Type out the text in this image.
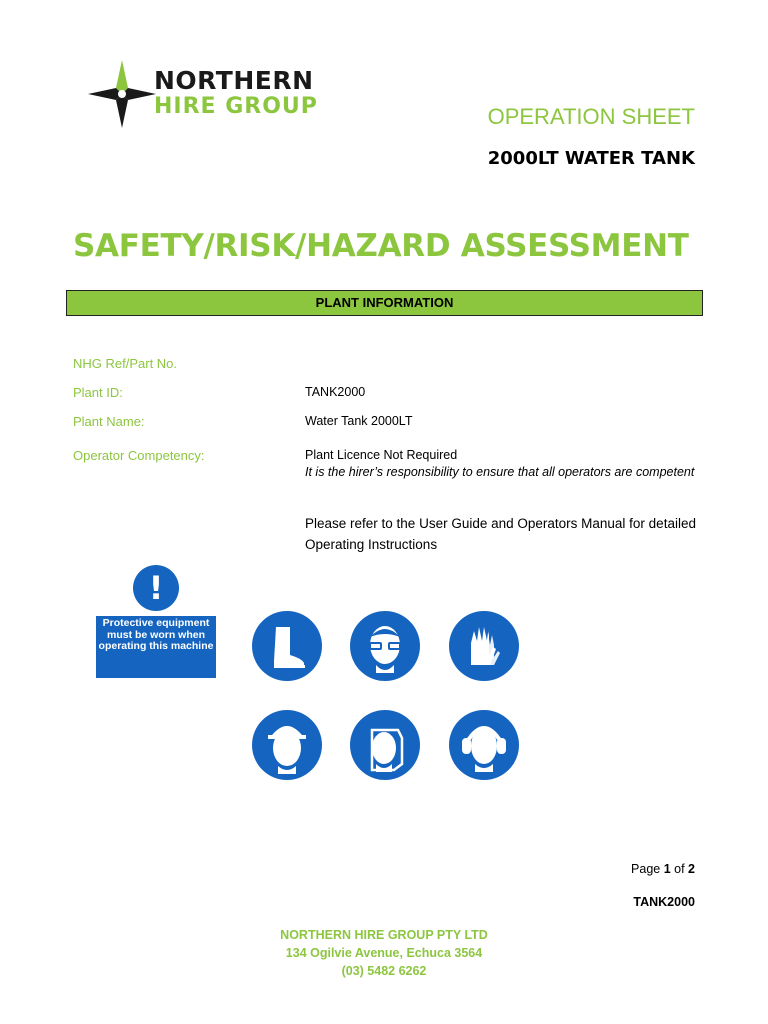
NORTHERN
HIRE GROUP	OPERATION SHEET
2000LT WATER TANK
SAFETY/RISK/HAZARD ASSESSMENT
PLANT INFORMATION
NHG Ref/Part No.
Plant ID:	TANK2000
Plant Name:	Water Tank 2000LT
Operator Competency:	Plant Licence Not Required
It is the hirer’s responsibility to ensure that all operators are competent
Please refer to the User Guide and Operators Manual for detailed Operating Instructions
!
Protective equipment must be worn when operating this machine
Page 1 of 2
TANK2000
NORTHERN HIRE GROUP PTY LTD
134 Ogilvie Avenue, Echuca 3564
(03) 5482 6262
